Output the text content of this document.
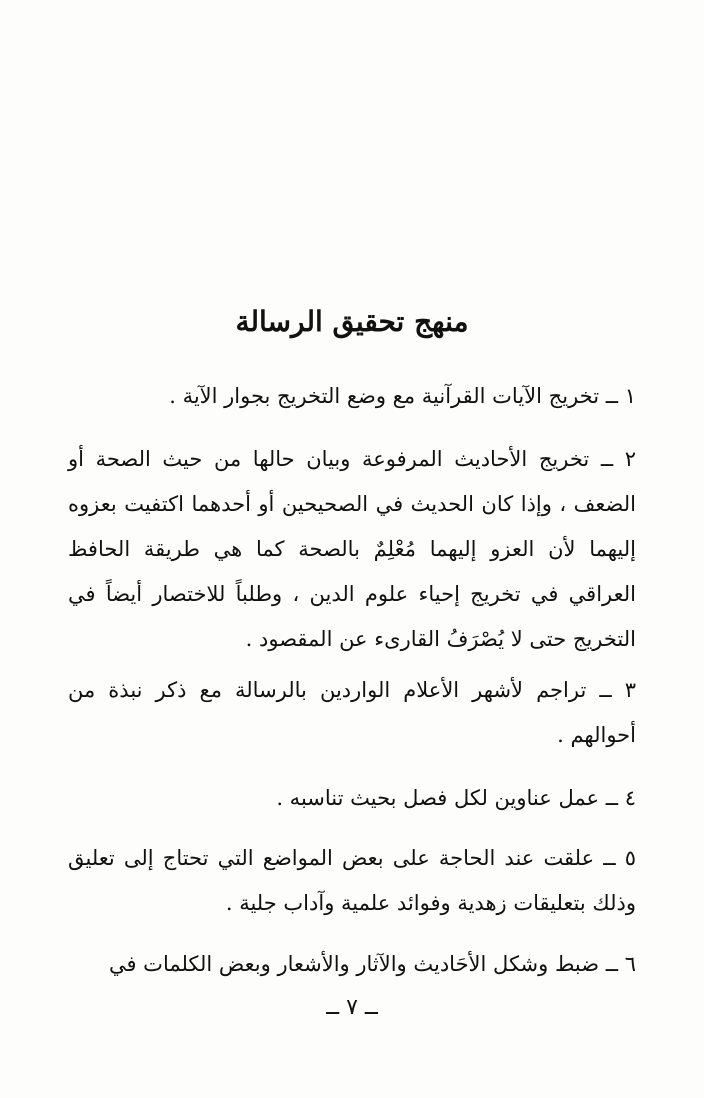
منهج تحقيق الرسالة
١ ــ تخريج الآيات القرآنية مع وضع التخريج بجوار الآية .
٢ ــ تخريج الأحاديث المرفوعة وبيان حالها من حيث الصحة أو الضعف ، وإذا كان الحديث في الصحيحين أو أحدهما اكتفيت بعزوه إليهما لأن العزو إليهما مُعْلِمٌ بالصحة كما هي طريقة الحافظ العراقي في تخريج إحياء علوم الدين ، وطلباً للاختصار أيضاً في التخريج حتى لا يُصْرَفُ القارىء عن المقصود .
٣ ــ تراجم لأشهر الأعلام الواردين بالرسالة مع ذكر نبذة من أحوالهم .
٤ ــ عمل عناوين لكل فصل بحيث تناسبه .
٥ ــ علقت عند الحاجة على بعض المواضع التي تحتاج إلى تعليق وذلك بتعليقات زهدية وفوائد علمية وآداب جلية .
٦ ــ ضبط وشكل الأحَاديث والآثار والأشعار وبعض الكلمات في
ــ ٧ ــ
